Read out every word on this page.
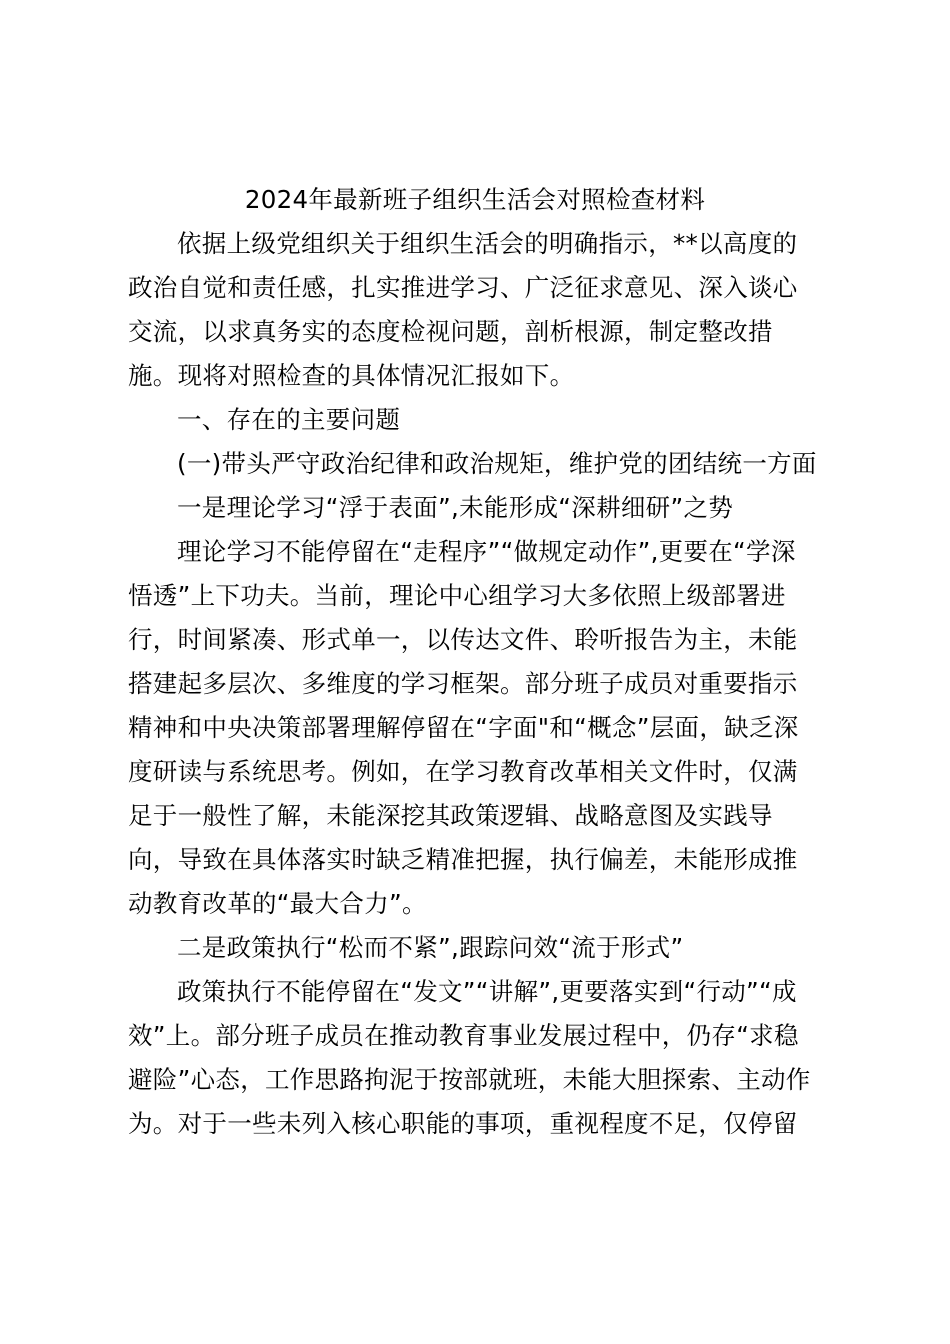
2024年最新班子组织生活会对照检查材料
依据上级党组织关于组织生活会的明确指示，**以高度的
政治自觉和责任感，扎实推进学习、广泛征求意见、深入谈心
交流，以求真务实的态度检视问题，剖析根源，制定整改措
施。现将对照检查的具体情况汇报如下。
一、存在的主要问题
(一)带头严守政治纪律和政治规矩，维护党的团结统一方面
一是理论学习“浮于表面”,未能形成“深耕细研”之势
理论学习不能停留在“走程序”“做规定动作”,更要在“学深
悟透”上下功夫。当前，理论中心组学习大多依照上级部署进
行，时间紧凑、形式单一，以传达文件、聆听报告为主，未能
搭建起多层次、多维度的学习框架。部分班子成员对重要指示
精神和中央决策部署理解停留在“字面"和“概念”层面，缺乏深
度研读与系统思考。例如，在学习教育改革相关文件时，仅满
足于一般性了解，未能深挖其政策逻辑、战略意图及实践导
向，导致在具体落实时缺乏精准把握，执行偏差，未能形成推
动教育改革的“最大合力”。
二是政策执行“松而不紧”,跟踪问效“流于形式”
政策执行不能停留在“发文”“讲解”,更要落实到“行动”“成
效”上。部分班子成员在推动教育事业发展过程中，仍存“求稳
避险”心态，工作思路拘泥于按部就班，未能大胆探索、主动作
为。对于一些未列入核心职能的事项，重视程度不足，仅停留
